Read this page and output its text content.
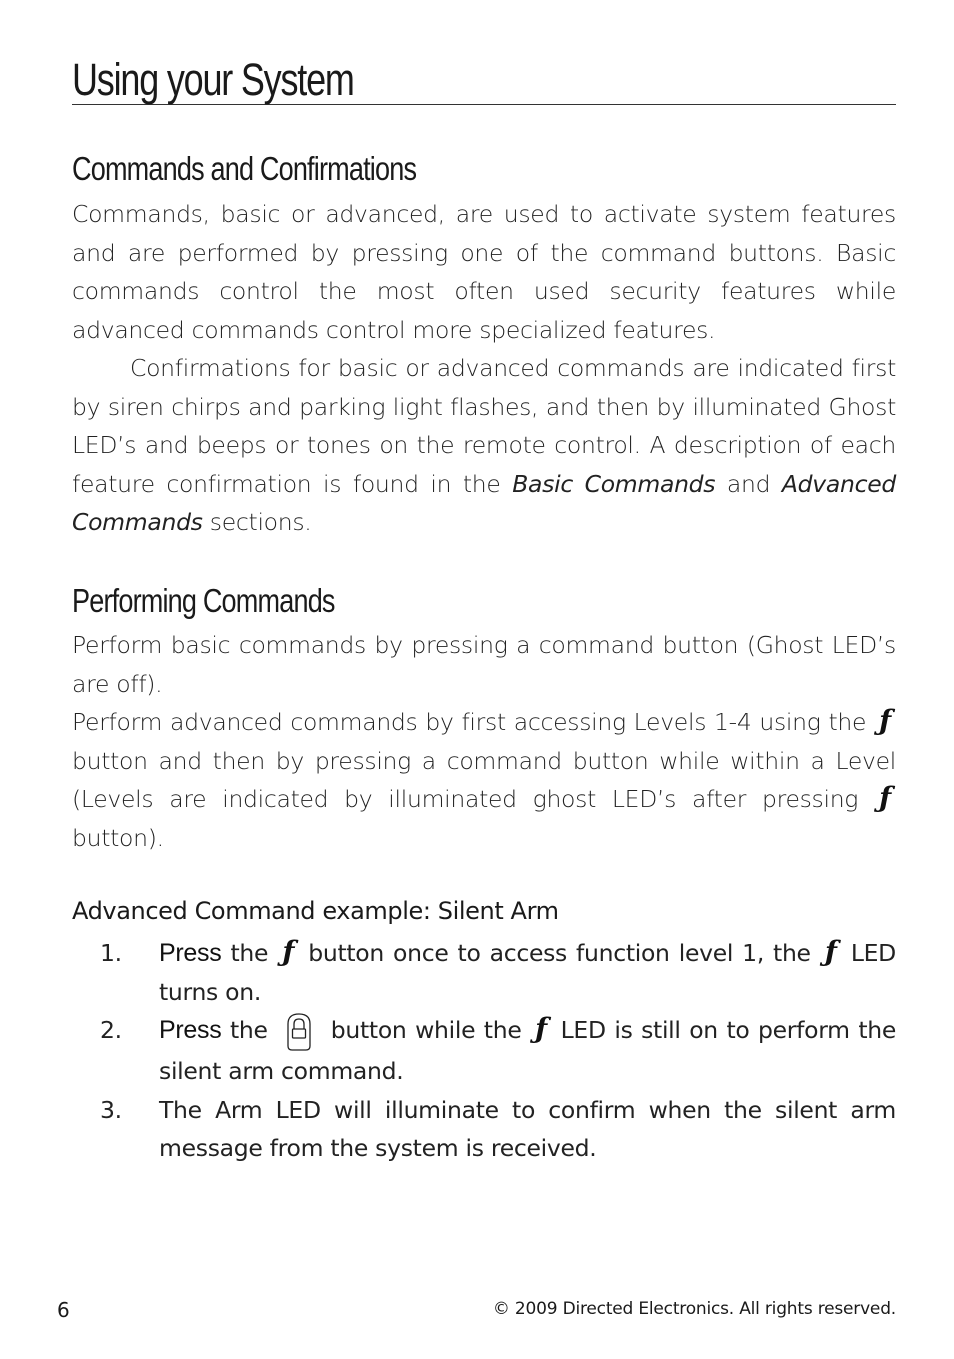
Using your System
Commands and Confirmations

Commands, basic or advanced, are used to activate system features and are performed by pressing one of the command buttons. Basic commands control the most often used security features while advanced commands control more specialized features.

Confirmations for basic or advanced commands are indicated first by siren chirps and parking light flashes, and then by illuminated Ghost LED’s and beeps or tones on the remote control. A description of each feature confirmation is found in the Basic Commands and Advanced Commands sections.

Performing Commands

Perform basic commands by pressing a command button (Ghost LED’s are off).

Perform advanced commands by first accessing Levels 1-4 using the ƒ button and then by pressing a command button while within a Level (Levels are indicated by illuminated ghost LED’s after pressing ƒ button).

Advanced Command example: Silent Arm
1. Press the ƒ button once to access function level 1, the ƒ LED turns on.
2. Press the  button while the ƒ LED is still on to perform the silent arm command.
3. The Arm LED will illuminate to confirm when the silent arm message from the system is received.
6	© 2009 Directed Electronics. All rights reserved.
